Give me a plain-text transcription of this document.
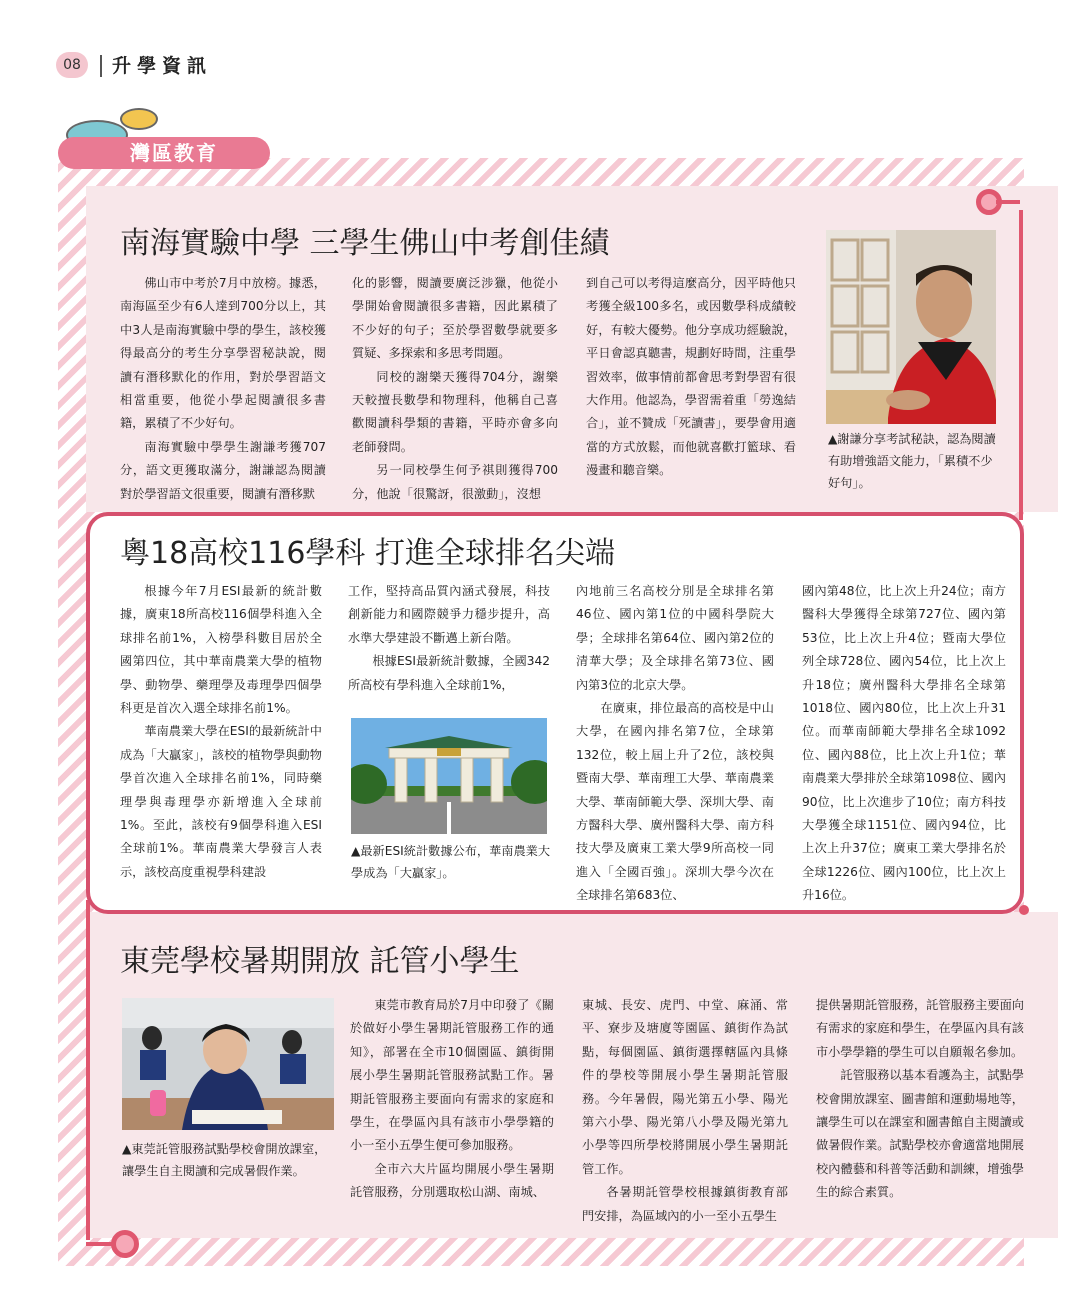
08	升學資訊
灣區教育
南海實驗中學 三學生佛山中考創佳績

佛山市中考於7月中放榜。據悉，南海區至少有6人達到700分以上，其中3人是南海實驗中學的學生，該校獲得最高分的考生分享學習秘訣說，閱讀有潛移默化的作用，對於學習語文相當重要，他從小學起閱讀很多書籍，累積了不少好句。

南海實驗中學學生謝謙考獲707分，語文更獲取滿分，謝謙認為閱讀對於學習語文很重要，閱讀有潛移默

化的影響，閱讀要廣泛涉獵，他從小學開始會閱讀很多書籍，因此累積了不少好的句子；至於學習數學就要多質疑、多探索和多思考問題。

同校的謝樂天獲得704分，謝樂天較擅長數學和物理科，他稱自己喜歡閱讀科學類的書籍，平時亦會多向老師發問。

另一同校學生何予祺則獲得700分，他說「很驚訝，很激動」，沒想

到自己可以考得這麼高分，因平時他只考獲全級100多名，或因數學科成績較好，有較大優勢。他分享成功經驗說，平日會認真聽書，規劃好時間，注重學習效率，做事情前都會思考對學習有很大作用。他認為，學習需着重「勞逸結合」，並不贊成「死讀書」，要學會用適當的方式放鬆，而他就喜歡打籃球、看漫畫和聽音樂。

▲謝謙分享考試秘訣，認為閱讀有助增強語文能力，「累積不少好句」。
粵18高校116學科 打進全球排名尖端

根據今年7月ESI最新的統計數據，廣東18所高校116個學科進入全球排名前1%，入榜學科數目居於全國第四位，其中華南農業大學的植物學、動物學、藥理學及毒理學四個學科更是首次入選全球排名前1%。

華南農業大學在ESI的最新統計中成為「大贏家」，該校的植物學與動物學首次進入全球排名前1%，同時藥理學與毒理學亦新增進入全球前1%。至此，該校有9個學科進入ESI全球前1%。華南農業大學發言人表示，該校高度重視學科建設

工作，堅持高品質內涵式發展，科技創新能力和國際競爭力穩步提升，高水準大學建設不斷邁上新台階。

根據ESI最新統計數據，全國342所高校有學科進入全球前1%，

▲最新ESI統計數據公布，華南農業大學成為「大贏家」。

內地前三名高校分別是全球排名第46位、國內第1位的中國科學院大學；全球排名第64位、國內第2位的清華大學；及全球排名第73位、國內第3位的北京大學。

在廣東，排位最高的高校是中山大學，在國內排名第7位，全球第132位，較上屆上升了2位，該校與暨南大學、華南理工大學、華南農業大學、華南師範大學、深圳大學、南方醫科大學、廣州醫科大學、南方科技大學及廣東工業大學9所高校一同進入「全國百強」。深圳大學今次在全球排名第683位、

國內第48位，比上次上升24位；南方醫科大學獲得全球第727位、國內第53位，比上次上升4位；暨南大學位列全球728位、國內54位，比上次上升18位；廣州醫科大學排名全球第1018位、國內80位，比上次上升31位。而華南師範大學排名全球1092位、國內88位，比上次上升1位；華南農業大學排於全球第1098位、國內90位，比上次進步了10位；南方科技大學獲全球1151位、國內94位，比上次上升37位；廣東工業大學排名於全球1226位、國內100位，比上次上升16位。

東莞學校暑期開放 託管小學生
▲東莞託管服務試點學校會開放課室，讓學生自主閱讀和完成暑假作業。

東莞市教育局於7月中印發了《關於做好小學生暑期託管服務工作的通知》，部署在全市10個園區、鎮街開展小學生暑期託管服務試點工作。暑期託管服務主要面向有需求的家庭和學生，在學區內具有該市小學學籍的小一至小五學生便可參加服務。

全市六大片區均開展小學生暑期託管服務，分別選取松山湖、南城、

東城、長安、虎門、中堂、麻涌、常平、寮步及塘廈等園區、鎮街作為試點，每個園區、鎮街選擇轄區內具條件的學校等開展小學生暑期託管服務。今年暑假，陽光第五小學、陽光第六小學、陽光第八小學及陽光第九小學等四所學校將開展小學生暑期託管工作。

各暑期託管學校根據鎮街教育部門安排，為區域內的小一至小五學生

提供暑期託管服務，託管服務主要面向有需求的家庭和學生，在學區內具有該市小學學籍的學生可以自願報名參加。

託管服務以基本看護為主，試點學校會開放課室、圖書館和運動場地等，讓學生可以在課室和圖書館自主閱讀或做暑假作業。試點學校亦會適當地開展校內體藝和科普等活動和訓練，增強學生的綜合素質。
